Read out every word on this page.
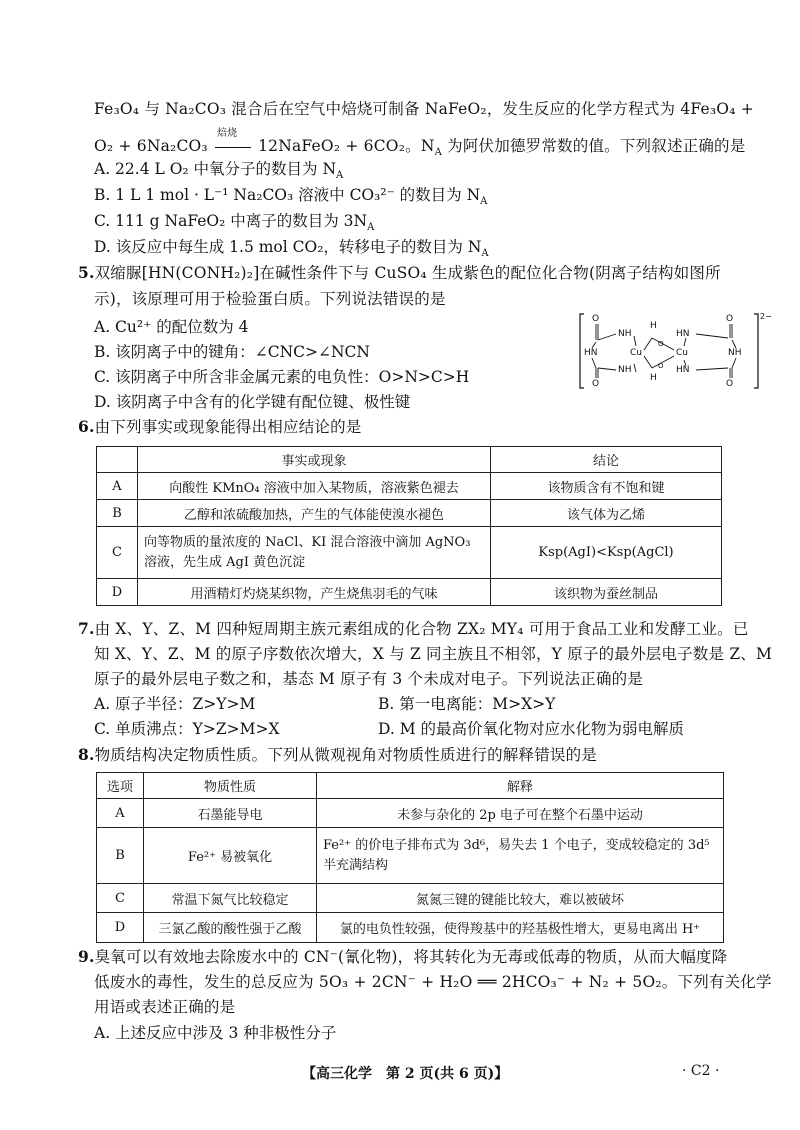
Fe₃O₄ 与 Na₂CO₃ 混合后在空气中焙烧可制备 NaFeO₂，发生反应的化学方程式为 4Fe₃O₄ +
O₂ + 6Na₂CO₃
焙烧
12NaFeO₂ + 6CO₂。$N_A$ 为阿伏加德罗常数的值。下列叙述正确的是
A. 22.4 L O₂ 中氧分子的数目为 $N_A$
B. 1 L 1 mol · L⁻¹ Na₂CO₃ 溶液中 CO₃²⁻ 的数目为 $N_A$
C. 111 g NaFeO₂ 中离子的数目为 $3N_A$
D. 该反应中每生成 1.5 mol CO₂，转移电子的数目为 $N_A$
5.双缩脲[HN(CONH₂)₂]在碱性条件下与 CuSO₄ 生成紫色的配位化合物(阴离子结构如图所
示)，该原理可用于检验蛋白质。下列说法错误的是
A. Cu²⁺ 的配位数为 4
B. 该阴离子中的键角：∠CNC>∠NCN
C. 该阴离子中所含非金属元素的电负性：O>N>C>H
D. 该阴离子中含有的化学键有配位键、极性键
2−
O
NH
H
HN
O
HN	Cu	Cu	NH
O
NH
H
HN
O
O
O
6.由下列事实或现象能得出相应结论的是
	事实或现象	结论
A	向酸性 KMnO₄ 溶液中加入某物质，溶液紫色褪去	该物质含有不饱和键
B	乙醇和浓硫酸加热，产生的气体能使溴水褪色	该气体为乙烯
C	向等物质的量浓度的 NaCl、KI 混合溶液中滴加 AgNO₃ 溶液，先生成 AgI 黄色沉淀	Ksp(AgI)<Ksp(AgCl)
D	用酒精灯灼烧某织物，产生烧焦羽毛的气味	该织物为蚕丝制品
7.由 X、Y、Z、M 四种短周期主族元素组成的化合物 ZX₂ MY₄ 可用于食品工业和发酵工业。已
知 X、Y、Z、M 的原子序数依次增大，X 与 Z 同主族且不相邻，Y 原子的最外层电子数是 Z、M
原子的最外层电子数之和，基态 M 原子有 3 个未成对电子。下列说法正确的是
A. 原子半径：Z>Y>M	B. 第一电离能：M>X>Y
C. 单质沸点：Y>Z>M>X	D. M 的最高价氧化物对应水化物为弱电解质
8.物质结构决定物质性质。下列从微观视角对物质性质进行的解释错误的是
选项	物质性质	解释
A	石墨能导电	未参与杂化的 2p 电子可在整个石墨中运动
B	Fe²⁺ 易被氧化	Fe²⁺ 的价电子排布式为 3d⁶，易失去 1 个电子，变成较稳定的 3d⁵ 半充满结构
C	常温下氮气比较稳定	氮氮三键的键能比较大，难以被破坏
D	三氯乙酸的酸性强于乙酸	氯的电负性较强，使得羧基中的羟基极性增大，更易电离出 H⁺
9.臭氧可以有效地去除废水中的 CN⁻(氰化物)，将其转化为无毒或低毒的物质，从而大幅度降
低废水的毒性，发生的总反应为 5O₃ + 2CN⁻ + H₂O ══ 2HCO₃⁻ + N₂ + 5O₂。下列有关化学
用语或表述正确的是
A. 上述反应中涉及 3 种非极性分子
【高三化学　第 2 页(共 6 页)】	· C2 ·
